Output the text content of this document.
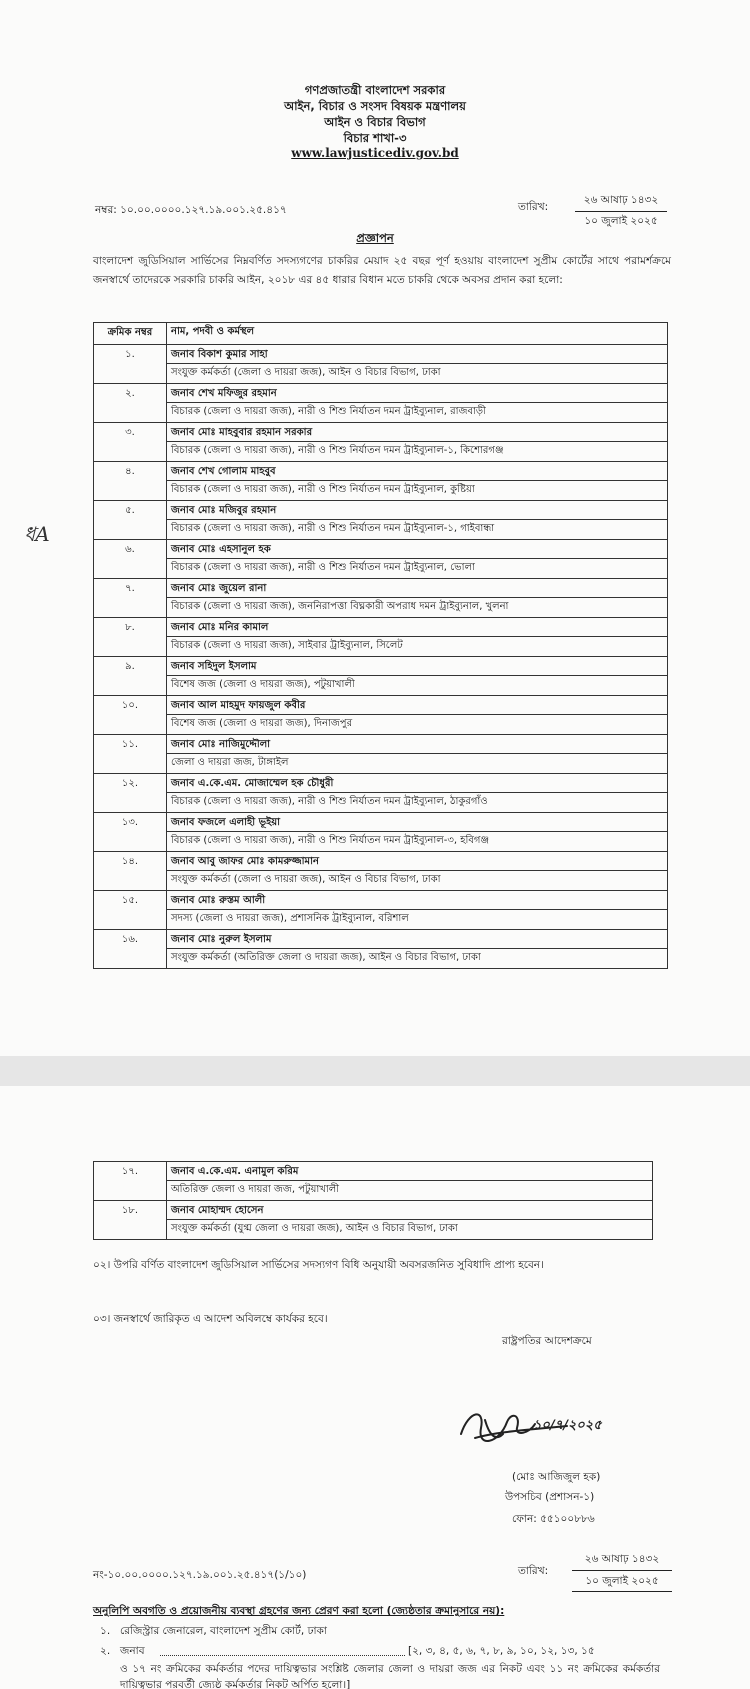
গণপ্রজাতন্ত্রী বাংলাদেশ সরকার
আইন, বিচার ও সংসদ বিষয়ক মন্ত্রণালয়
আইন ও বিচার বিভাগ
বিচার শাখা-৩
www.lawjusticediv.gov.bd
নম্বর: ১০.০০.০০০০.১২৭.১৯.০০১.২৫.৪১৭	তারিখ:
২৬ আষাঢ় ১৪৩২
১০ জুলাই ২০২৫
প্রজ্ঞাপন
বাংলাদেশ জুডিসিয়াল সার্ভিসের নিম্নবর্ণিত সদস্যগণের চাকরির মেয়াদ ২৫ বছর পূর্ণ হওয়ায় বাংলাদেশ সুপ্রীম কোর্টের সাথে পরামর্শক্রমে জনস্বার্থে তাদেরকে সরকারি চাকরি আইন, ২০১৮ এর ৪৫ ধারার বিধান মতে চাকরি থেকে অবসর প্রদান করা হলো:
ধA
ক্রমিক নম্বর	নাম, পদবী ও কর্মস্থল
১.	জনাব বিকাশ কুমার সাহা
সংযুক্ত কর্মকর্তা (জেলা ও দায়রা জজ), আইন ও বিচার বিভাগ, ঢাকা

২.	জনাব শেখ মফিজুর রহমান
বিচারক (জেলা ও দায়রা জজ), নারী ও শিশু নির্যাতন দমন ট্রাইব্যুনাল, রাজবাড়ী

৩.	জনাব মোঃ মাহবুবার রহমান সরকার
বিচারক (জেলা ও দায়রা জজ), নারী ও শিশু নির্যাতন দমন ট্রাইব্যুনাল-১, কিশোরগঞ্জ

৪.	জনাব শেখ গোলাম মাহবুব
বিচারক (জেলা ও দায়রা জজ), নারী ও শিশু নির্যাতন দমন ট্রাইব্যুনাল, কুষ্টিয়া

৫.	জনাব মোঃ মজিবুর রহমান
বিচারক (জেলা ও দায়রা জজ), নারী ও শিশু নির্যাতন দমন ট্রাইব্যুনাল-১, গাইবান্ধা

৬.	জনাব মোঃ এহসানুল হক
বিচারক (জেলা ও দায়রা জজ), নারী ও শিশু নির্যাতন দমন ট্রাইব্যুনাল, ভোলা

৭.	জনাব মোঃ জুয়েল রানা
বিচারক (জেলা ও দায়রা জজ), জননিরাপত্তা বিঘ্নকারী অপরাধ দমন ট্রাইব্যুনাল, খুলনা

৮.	জনাব মোঃ মনির কামাল
বিচারক (জেলা ও দায়রা জজ), সাইবার ট্রাইব্যুনাল, সিলেট

৯.	জনাব সহিদুল ইসলাম
বিশেষ জজ (জেলা ও দায়রা জজ), পটুয়াখালী

১০.	জনাব আল মাহমুদ ফায়জুল কবীর
বিশেষ জজ (জেলা ও দায়রা জজ), দিনাজপুর

১১.	জনাব মোঃ নাজিমুদ্দৌলা
জেলা ও দায়রা জজ, টাঙ্গাইল

১২.	জনাব এ.কে.এম. মোজাম্মেল হক চৌধুরী
বিচারক (জেলা ও দায়রা জজ), নারী ও শিশু নির্যাতন দমন ট্রাইব্যুনাল, ঠাকুরগাঁও

১৩.	জনাব ফজলে এলাহী ভূইয়া
বিচারক (জেলা ও দায়রা জজ), নারী ও শিশু নির্যাতন দমন ট্রাইব্যুনাল-৩, হবিগঞ্জ

১৪.	জনাব আবু জাফর মোঃ কামরুজ্জামান
সংযুক্ত কর্মকর্তা (জেলা ও দায়রা জজ), আইন ও বিচার বিভাগ, ঢাকা

১৫.	জনাব মোঃ রুস্তম আলী
সদস্য (জেলা ও দায়রা জজ), প্রশাসনিক ট্রাইব্যুনাল, বরিশাল

১৬.	জনাব মোঃ নুরুল ইসলাম
সংযুক্ত কর্মকর্তা (অতিরিক্ত জেলা ও দায়রা জজ), আইন ও বিচার বিভাগ, ঢাকা
১৭.	জনাব এ.কে.এম. এনামুল করিম
অতিরিক্ত জেলা ও দায়রা জজ, পটুয়াখালী

১৮.	জনাব মোহাম্মদ হোসেন
সংযুক্ত কর্মকর্তা (যুগ্ম জেলা ও দায়রা জজ), আইন ও বিচার বিভাগ, ঢাকা
০২। উপরি বর্ণিত বাংলাদেশ জুডিসিয়াল সার্ভিসের সদস্যগণ বিধি অনুযায়ী অবসরজনিত সুবিধাদি প্রাপ্য হবেন।
০৩। জনস্বার্থে জারিকৃত এ আদেশ অবিলম্বে কার্যকর হবে।
রাষ্ট্রপতির আদেশক্রমে
১০/৭/২০২৫
(মোঃ আজিজুল হক)
উপসচিব (প্রশাসন-১)
ফোন: ৫৫১০০৮৮৬
নং-১০.০০.০০০০.১২৭.১৯.০০১.২৫.৪১৭(১/১০)	তারিখ:
২৬ আষাঢ় ১৪৩২
১০ জুলাই ২০২৫
অনুলিপি অবগতি ও প্রয়োজনীয় ব্যবস্থা গ্রহণের জন্য প্রেরণ করা হলো (জ্যেষ্ঠতার ক্রমানুসারে নয়):
১. রেজিস্ট্রার জেনারেল, বাংলাদেশ সুপ্রীম কোর্ট, ঢাকা
২. জনাব	[২, ৩, ৪, ৫, ৬, ৭, ৮, ৯, ১০, ১২, ১৩, ১৫
ও ১৭ নং ক্রমিকের কর্মকর্তার পদের দায়িত্বভার সংশ্লিষ্ট জেলার জেলা ও দায়রা জজ এর নিকট এবং ১১ নং ক্রমিকের কর্মকর্তার দায়িত্বভার পরবর্তী জ্যেষ্ঠ কর্মকর্তার নিকট অর্পিত হলো।]
